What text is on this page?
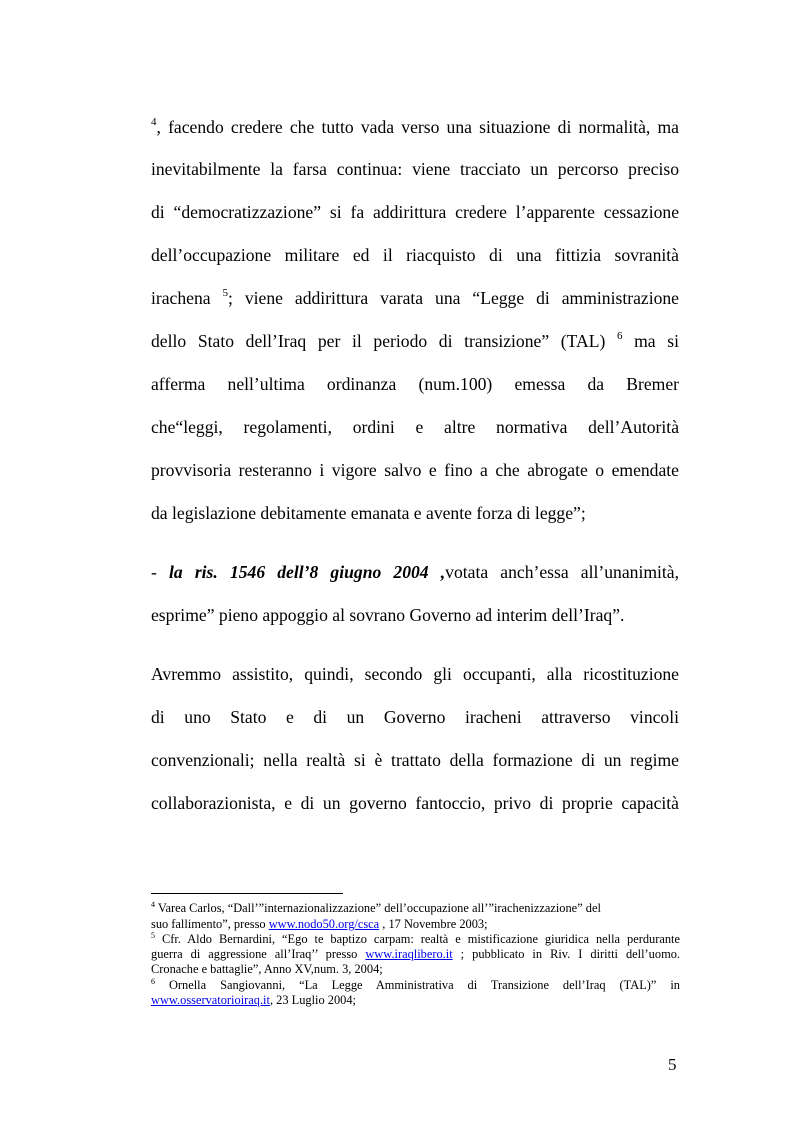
$^4$, facendo credere che tutto vada verso una situazione di normalità, ma
inevitabilmente la farsa continua: viene tracciato un percorso preciso
di “democratizzazione” si fa addirittura credere l’apparente cessazione
dell’occupazione militare ed il riacquisto di una fittizia sovranità
irachena $^5$; viene addirittura varata una “Legge di amministrazione
dello Stato dell’Iraq per il periodo di transizione” (TAL) $^6$ ma si
afferma nell’ultima ordinanza (num.100) emessa da Bremer
che“leggi, regolamenti, ordini e altre normativa dell’Autorità
provvisoria resteranno i vigore salvo e fino a che abrogate o emendate
da legislazione debitamente emanata e avente forza di legge”;
- la ris. 1546 dell’8 giugno 2004 ,votata anch’essa all’unanimità,
esprime” pieno appoggio al sovrano Governo ad interim dell’Iraq”.
Avremmo assistito, quindi, secondo gli occupanti, alla ricostituzione
di uno Stato e di un Governo iracheni attraverso vincoli
convenzionali; nella realtà si è trattato della formazione di un regime
collaborazionista, e di un governo fantoccio, privo di proprie capacità
$^4$ Varea Carlos, “Dall’”internazionalizzazione” dell’occupazione all’”irachenizzazione” del
suo fallimento”, presso www.nodo50.org/csca , 17 Novembre 2003;
$^5$ Cfr. Aldo Bernardini, “Ego te baptizo carpam: realtà e mistificazione giuridica nella perdurante
guerra di aggressione all’Iraq’’ presso www.iraqlibero.it ; pubblicato in Riv. I diritti dell’uomo.
Cronache e battaglie”, Anno XV,num. 3, 2004;
$^6$ Ornella Sangiovanni, “La Legge Amministrativa di Transizione dell’Iraq (TAL)” in
www.osservatorioiraq.it, 23 Luglio 2004;
5
